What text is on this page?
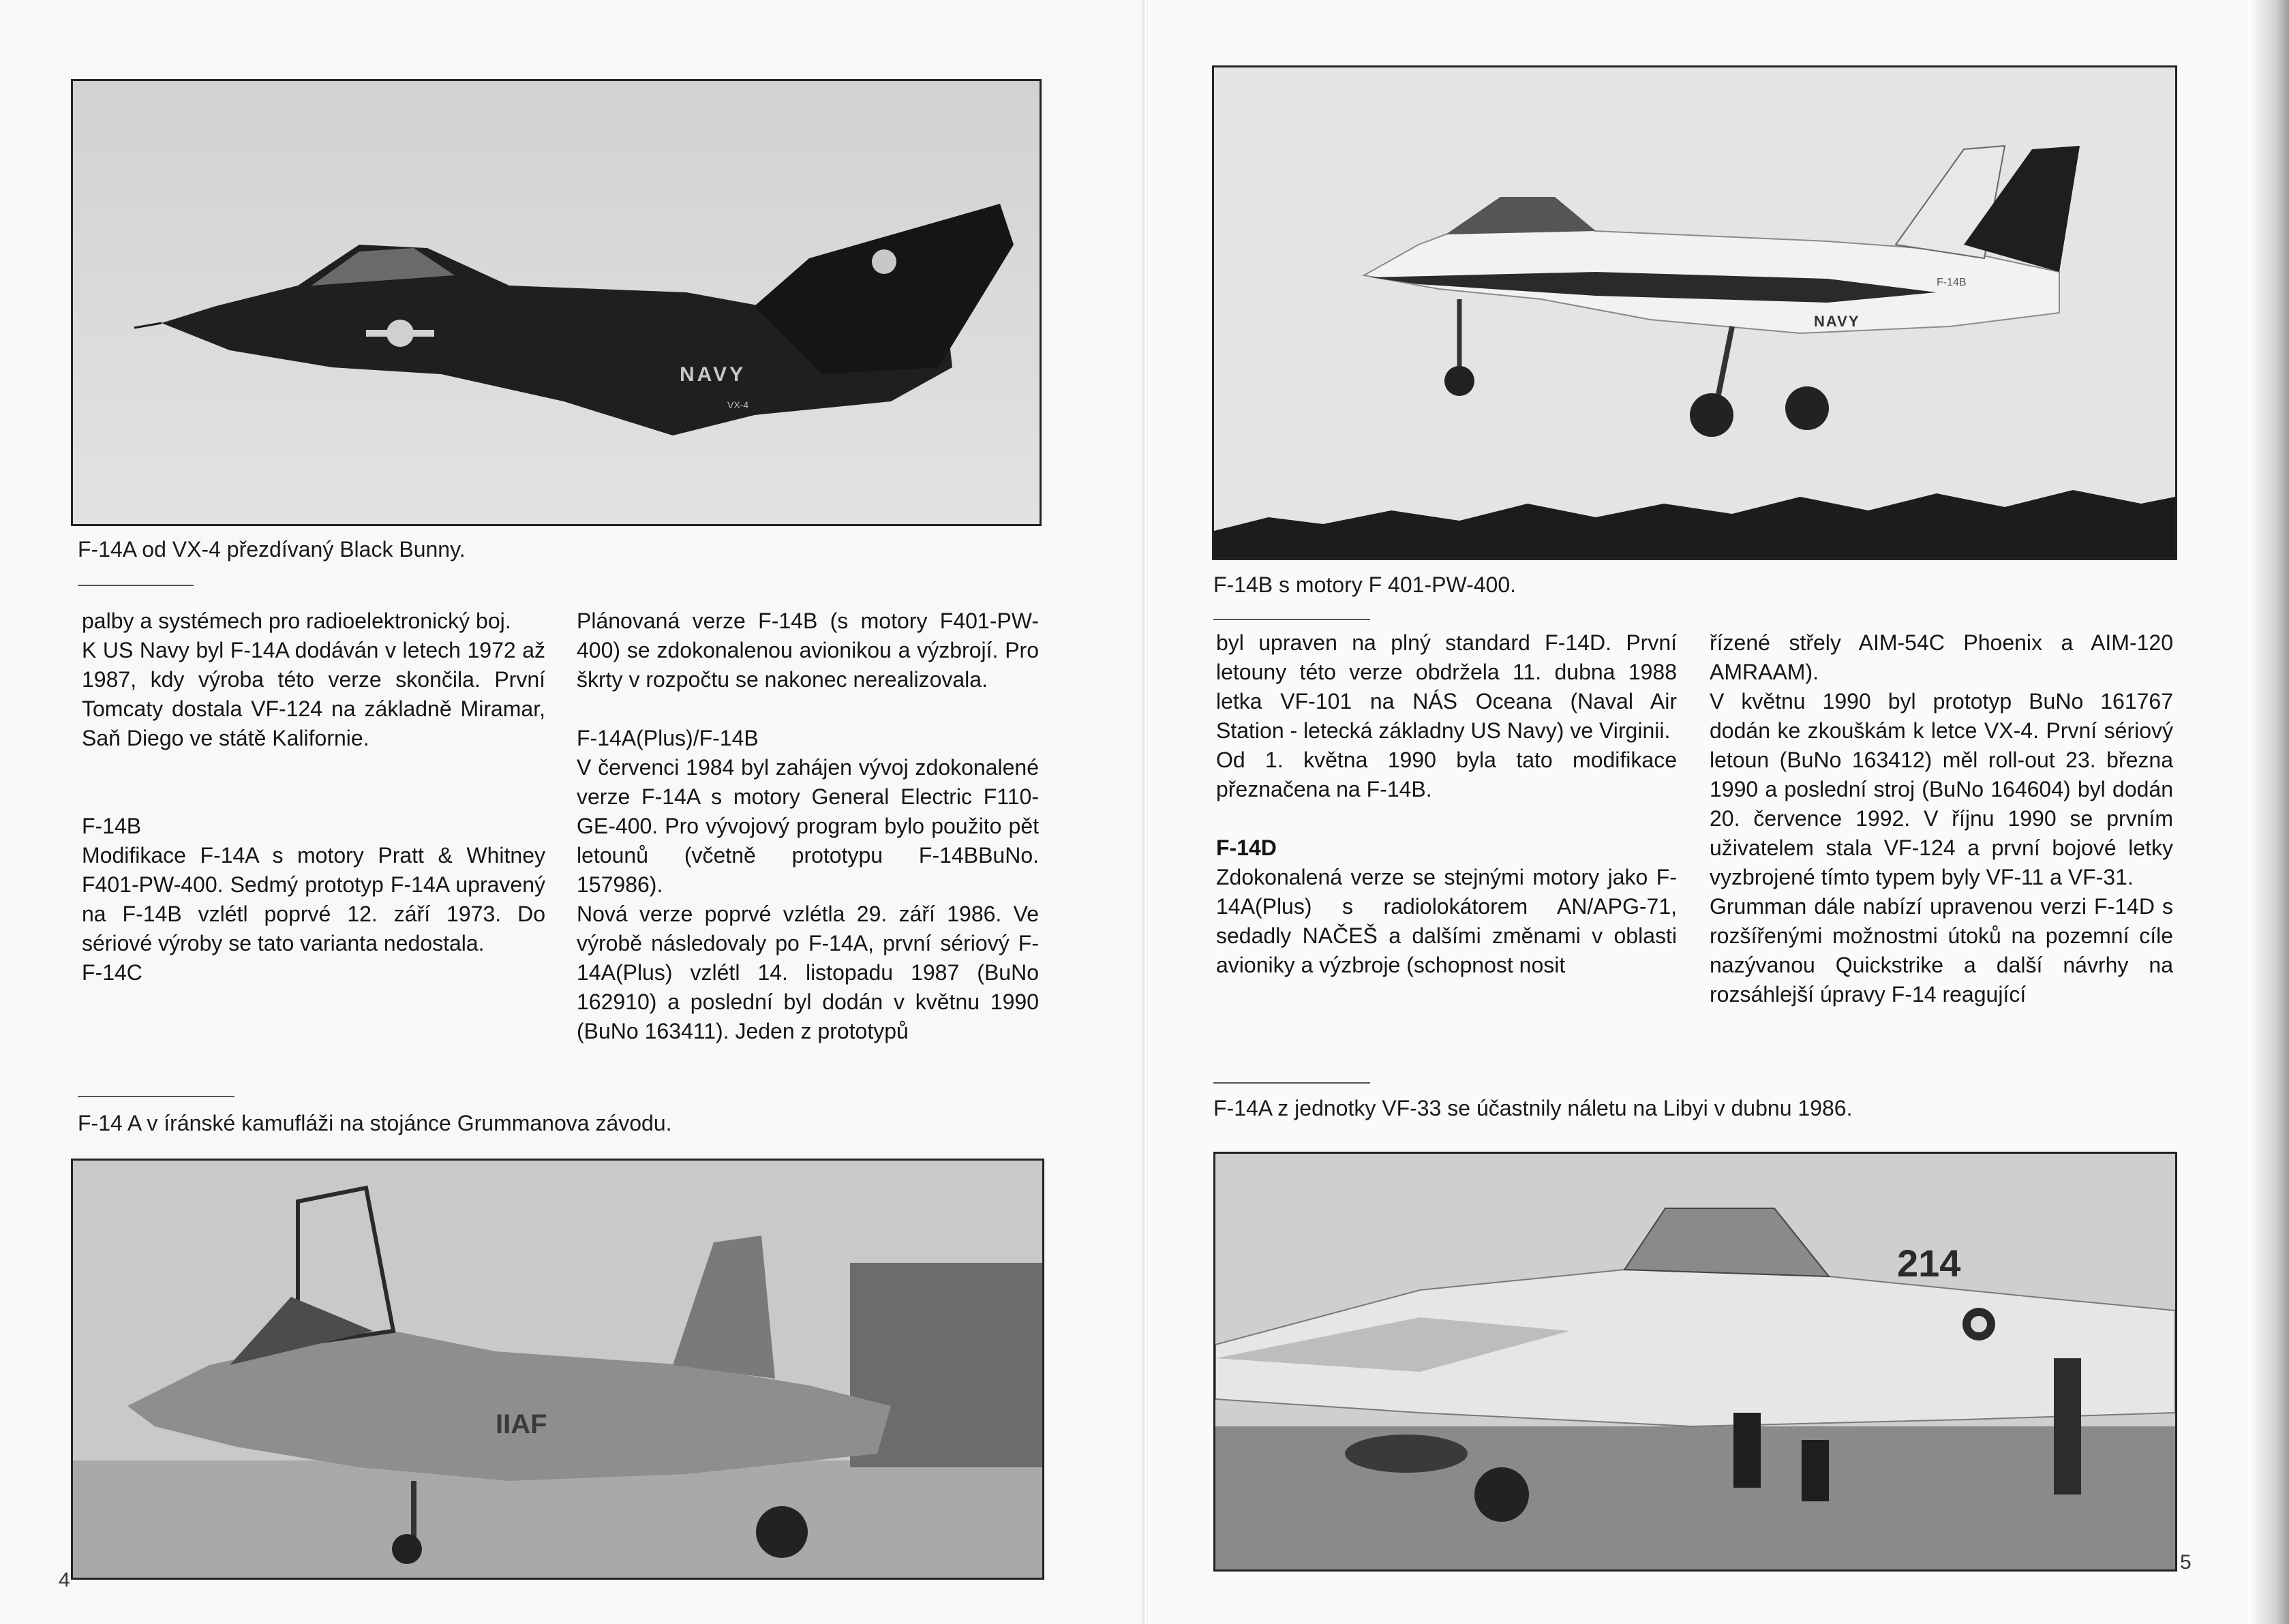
NAVY
VX-4
F-14A od VX-4 přezdívaný Black Bunny.

palby a systémech pro radioelektronický boj.

K US Navy byl F-14A dodáván v letech 1972 až 1987, kdy výroba této verze skončila. První Tomcaty dostala VF-124 na základně Miramar, Saň Diego ve státě Kalifornie.

F-14B

Modifikace F-14A s motory Pratt & Whitney F401-PW-400. Sedmý prototyp F-14A upravený na F-14B vzlétl poprvé 12. září 1973. Do sériové výroby se tato varianta nedostala.

F-14C

Plánovaná verze F-14B (s motory F401-PW-400) se zdokonalenou avionikou a výzbrojí. Pro škrty v rozpočtu se nakonec nerealizovala.

F-14A(Plus)/F-14B

V červenci 1984 byl zahájen vývoj zdokonalené verze F-14A s motory General Electric F110-GE-400. Pro vývojový program bylo použito pět letounů (včetně prototypu F-14BBuNo. 157986).

Nová verze poprvé vzlétla 29. září 1986. Ve výrobě následovaly po F-14A, první sériový F-14A(Plus) vzlétl 14. listopadu 1987 (BuNo 162910) a poslední byl dodán v květnu 1990 (BuNo 163411). Jeden z prototypů

F-14 A v íránské kamufláži na stojánce Grummanova závodu.
IIAF
4
F-14B
NAVY
F-14B s motory F 401-PW-400.

byl upraven na plný standard F-14D. První letouny této verze obdržela 11. dubna 1988 letka VF-101 na NÁS Oceana (Naval Air Station - letecká základny US Navy) ve Virginii.

Od 1. května 1990 byla tato modifikace přeznačena na F-14B.

F-14D

Zdokonalená verze se stejnými motory jako F-14A(Plus) s radiolokátorem AN/APG-71, sedadly NAČEŠ a dalšími změnami v oblasti avioniky a výzbroje (schopnost nosit

řízené střely AIM-54C Phoenix a AIM-120 AMRAAM).

V květnu 1990 byl prototyp BuNo 161767 dodán ke zkouškám k letce VX-4. První sériový letoun (BuNo 163412) měl roll-out 23. března 1990 a poslední stroj (BuNo 164604) byl dodán 20. července 1992. V říjnu 1990 se prvním uživatelem stala VF-124 a první bojové letky vyzbrojené tímto typem byly VF-11 a VF-31.

Grumman dále nabízí upravenou verzi F-14D s rozšířenými možnostmi útoků na pozemní cíle nazývanou Quickstrike a další návrhy na rozsáhlejší úpravy F-14 reagující

F-14A z jednotky VF-33 se účastnily náletu na Libyi v dubnu 1986.
214
5
